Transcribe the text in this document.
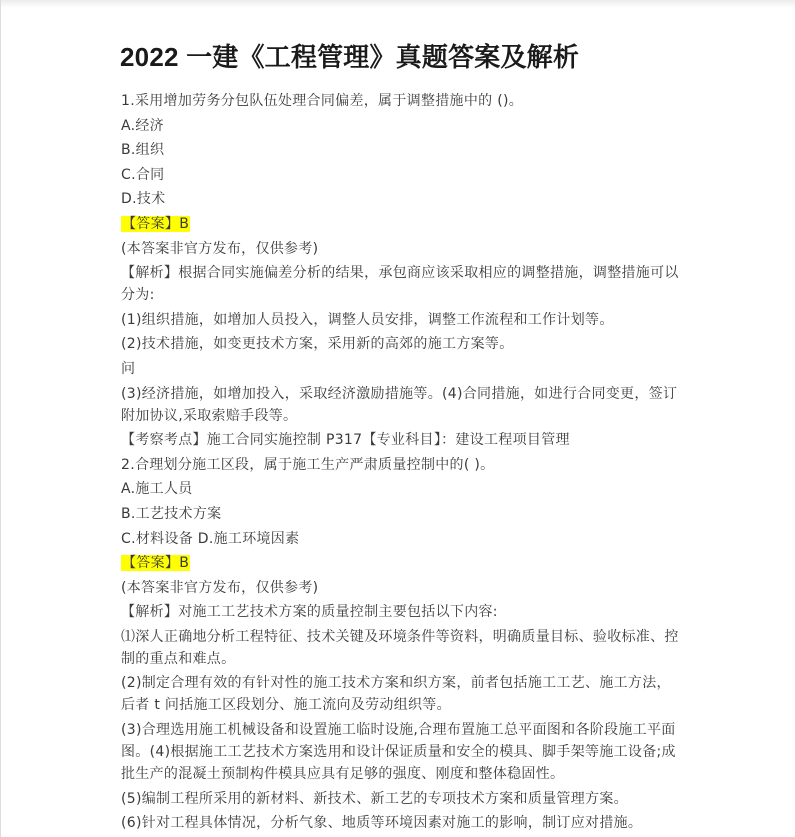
2022 一建《工程管理》真题答案及解析

1.采用增加劳务分包队伍处理合同偏差，属于调整措施中的 ()。

A.经济

B.组织

C.合同

D.技术

【答案】B

(本答案非官方发布，仅供参考)

【解析】根据合同实施偏差分析的结果，承包商应该采取相应的调整措施，调整措施可以分为:

(1)组织措施，如增加人员投入，调整人员安排，调整工作流程和工作计划等。

(2)技术措施，如变更技术方案，采用新的高郊的施工方案等。

问

(3)经济措施，如增加投入，采取经济激励措施等。(4)合同措施，如进行合同变更，签订附加协议,采取索赔手段等。

【考察考点】施工合同实施控制 P317【专业科目】：建设工程项目管理

2.合理划分施工区段，属于施工生产严肃质量控制中的( )。

A.施工人员

B.工艺技术方案

C.材料设备 D.施工环境因素

【答案】B

(本答案非官方发布，仅供参考)

【解析】对施工工艺技术方案的质量控制主要包括以下内容:

⑴深人正确地分析工程特征、技术关键及环境条件等资料，明确质量目标、验收标准、控制的重点和难点。

(2)制定合理有效的有针对性的施工技术方案和织方案，前者包括施工工艺、施工方法，后者 t 问括施工区段划分、施工流向及劳动组织等。

(3)合理选用施工机械设备和设置施工临时设施,合理布置施工总平面图和各阶段施工平面图。(4)根据施工工艺技术方案选用和设计保证质量和安全的模具、脚手架等施工设备;成批生产的混凝土预制构件模具应具有足够的强度、刚度和整体稳固性。

(5)编制工程所采用的新材料、新技术、新工艺的专项技术方案和质量管理方案。

(6)针对工程具体情况，分析气象、地质等环境因素对施工的影响，制订应对措施。
